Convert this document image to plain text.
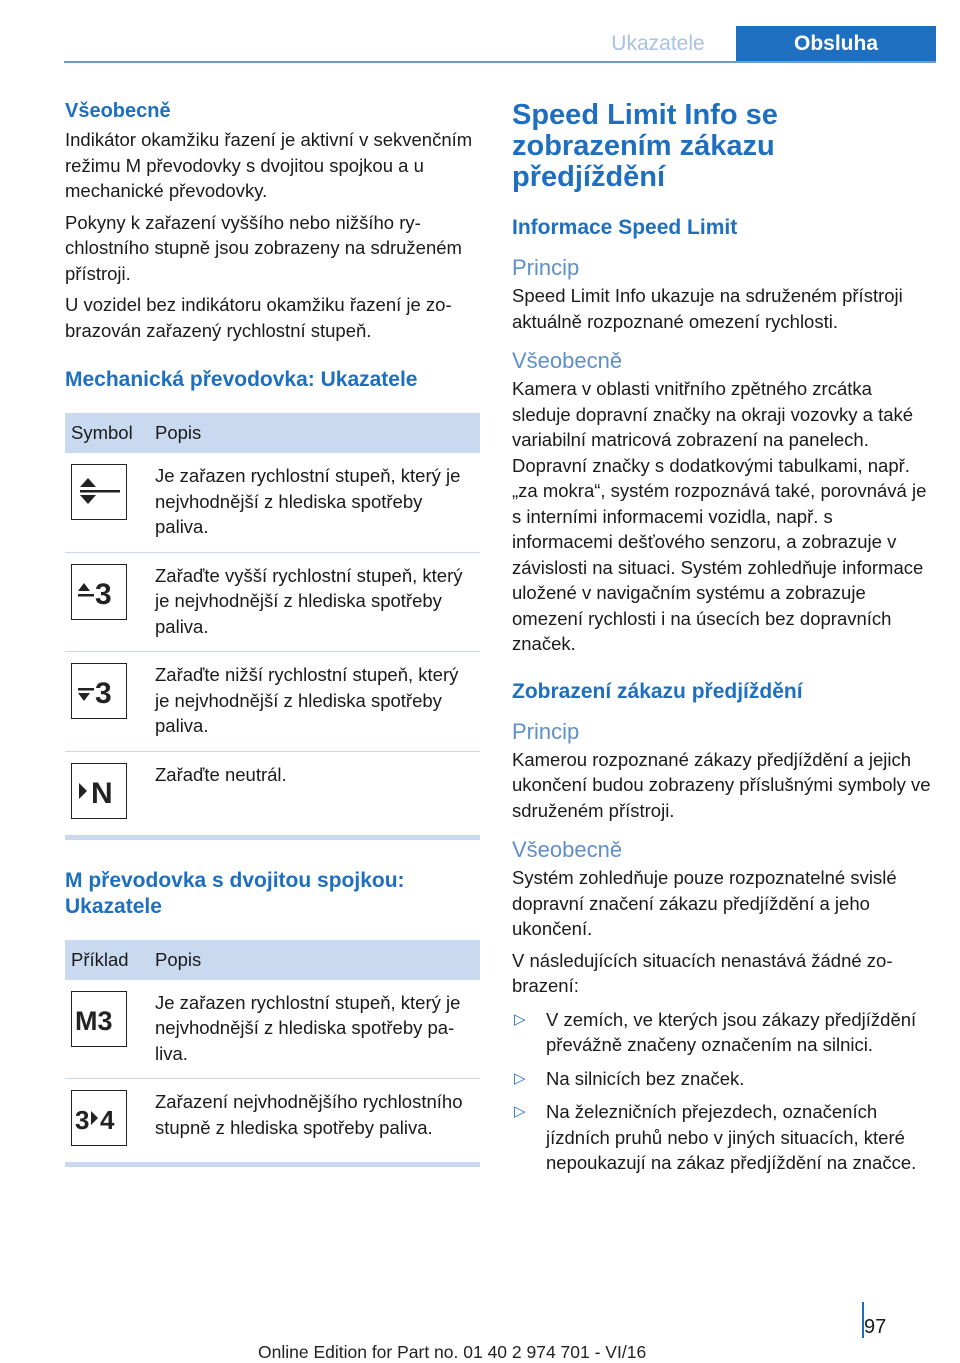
Ukazatele	Obsluha
Všeobecně

Indikátor okamžiku řazení je aktivní v sekvenčním režimu M převodovky s dvojitou spojkou a u mechanické převodovky.

Pokyny k zařazení vyššího nebo nižšího rychlostního stupně jsou zobrazeny na sdruženém přístroji.

U vozidel bez indikátoru okamžiku řazení je zobrazován zařazený rychlostní stupeň.

Mechanická převodovka: Ukazatele
Symbol	Popis

	Je zařazen rychlostní stupeň, který je nejvhodnější z hlediska spotřeby paliva.

3	Zařaďte vyšší rychlostní stupeň, který je nejvhodnější z hlediska spotřeby paliva.

3	Zařaďte nižší rychlostní stupeň, který je nejvhodnější z hlediska spotřeby paliva.

N	Zařaďte neutrál.
M převodovka s dvojitou spojkou: Ukazatele
Příklad	Popis

M3	Je zařazen rychlostní stupeň, který je nejvhodnější z hlediska spotřeby paliva.

3 4	Zařazení nejvhodnějšího rychlostního stupně z hlediska spotřeby paliva.
Speed Limit Info se zobrazením zákazu předjíždění
Informace Speed Limit
Princip

Speed Limit Info ukazuje na sdruženém přístroji aktuálně rozpoznané omezení rychlosti.

Všeobecně

Kamera v oblasti vnitřního zpětného zrcátka sleduje dopravní značky na okraji vozovky a také variabilní matricová zobrazení na panelech. Dopravní značky s dodatkovými tabulkami, např. „za mokra“, systém rozpoznává také, porovnává je s interními informacemi vozidla, např. s informacemi dešťového senzoru, a zobrazuje v závislosti na situaci. Systém zohledňuje informace uložené v navigačním systému a zobrazuje omezení rychlosti i na úsecích bez dopravních značek.

Zobrazení zákazu předjíždění
Princip

Kamerou rozpoznané zákazy předjíždění a jejich ukončení budou zobrazeny příslušnými symboly ve sdruženém přístroji.

Všeobecně

Systém zohledňuje pouze rozpoznatelné svislé dopravní značení zákazu předjíždění a jeho ukončení.

V následujících situacích nenastává žádné zobrazení:

▷ V zemích, ve kterých jsou zákazy předjíždění převážně značeny označením na silnici.
▷ Na silnicích bez značek.
▷ Na železničních přejezdech, označeních jízdních pruhů nebo v jiných situacích, které nepoukazují na zákaz předjíždění na značce.
97
Online Edition for Part no. 01 40 2 974 701 - VI/16
